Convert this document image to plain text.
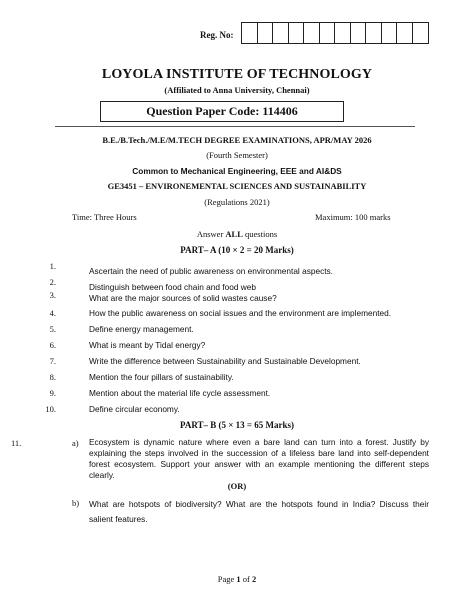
Reg. No:
LOYOLA INSTITUTE OF TECHNOLOGY
(Affiliated to Anna University, Chennai)
Question Paper Code: 114406
B.E./B.Tech./M.E/M.TECH DEGREE EXAMINATIONS, APR/MAY 2026
(Fourth Semester)
Common to Mechanical Engineering, EEE and AI&DS
GE3451 – ENVIRONEMENTAL SCIENCES AND SUSTAINABILITY
(Regulations 2021)
Time: Three Hours	Maximum: 100 marks
Answer ALL questions
PART– A (10 × 2 = 20 Marks)
1.	Ascertain the need of public awareness on environmental aspects.
2.	Distinguish between food chain and food web
3.	What are the major sources of solid wastes cause?
4.	How the public awareness on social issues and the environment are implemented.
5.	Define energy management.
6.	What is meant by Tidal energy?
7.	Write the difference between Sustainability and Sustainable Development.
8.	Mention the four pillars of sustainability.
9.	Mention about the material life cycle assessment.
10.	Define circular economy.
PART– B (5 × 13 = 65 Marks)
11.	a) Ecosystem is dynamic nature where even a bare land can turn into a forest. Justify by explaining the steps involved in the succession of a lifeless bare land into self-dependent forest ecosystem. Support your answer with an example mentioning the different steps clearly.
(OR)
b) What are hotspots of biodiversity? What are the hotspots found in India? Discuss their salient features.
Page 1 of 2
